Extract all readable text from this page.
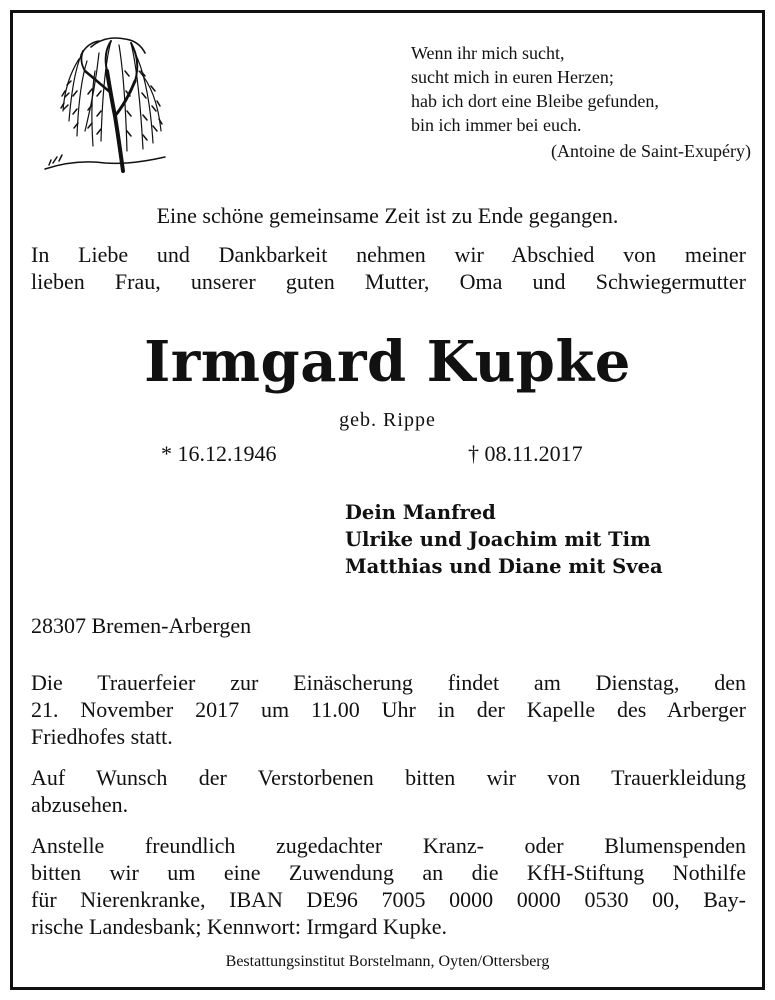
Wenn ihr mich sucht,
sucht mich in euren Herzen;
hab ich dort eine Bleibe gefunden,
bin ich immer bei euch.
(Antoine de Saint-Exupéry)
Eine schöne gemeinsame Zeit ist zu Ende gegangen.
In Liebe und Dankbarkeit nehmen wir Abschied von meiner
lieben Frau, unserer guten Mutter, Oma und Schwiegermutter
Irmgard Kupke
geb. Rippe
* 16.12.1946	† 08.11.2017
Dein Manfred
Ulrike und Joachim mit Tim
Matthias und Diane mit Svea
28307 Bremen-Arbergen
Die Trauerfeier zur Einäscherung findet am Dienstag, den
21. November 2017 um 11.00 Uhr in der Kapelle des Arberger
Friedhofes statt.
Auf Wunsch der Verstorbenen bitten wir von Trauerkleidung
abzusehen.
Anstelle freundlich zugedachter Kranz- oder Blumenspenden
bitten wir um eine Zuwendung an die KfH-Stiftung Nothilfe
für Nierenkranke, IBAN DE96 7005 0000 0000 0530 00, Bay-
rische Landesbank; Kennwort: Irmgard Kupke.
Bestattungsinstitut Borstelmann, Oyten/Ottersberg
